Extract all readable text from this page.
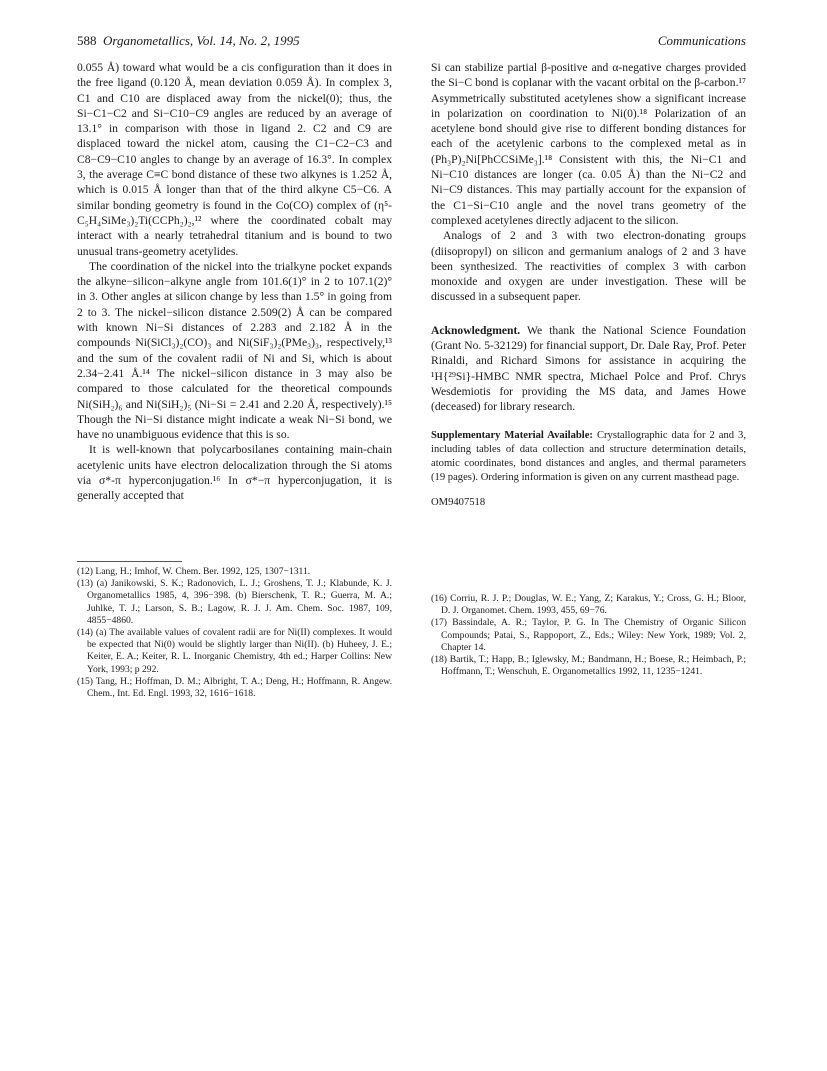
588 Organometallics, Vol. 14, No. 2, 1995	Communications

0.055 Å) toward what would be a cis configuration than it does in the free ligand (0.120 Å, mean deviation 0.059 Å). In complex 3, C1 and C10 are displaced away from the nickel(0); thus, the Si−C1−C2 and Si−C10−C9 angles are reduced by an average of 13.1° in comparison with those in ligand 2. C2 and C9 are displaced toward the nickel atom, causing the C1−C2−C3 and C8−C9−C10 angles to change by an average of 16.3°. In complex 3, the average C≡C bond distance of these two alkynes is 1.252 Å, which is 0.015 Å longer than that of the third alkyne C5−C6. A similar bonding geometry is found in the Co(CO) complex of (η⁵-C₅H₄SiMe₃)₂Ti(CCPh₂)₂,¹² where the coordinated cobalt may interact with a nearly tetrahedral titanium and is bound to two unusual trans-geometry acetylides.

The coordination of the nickel into the trialkyne pocket expands the alkyne−silicon−alkyne angle from 101.6(1)° in 2 to 107.1(2)° in 3. Other angles at silicon change by less than 1.5° in going from 2 to 3. The nickel−silicon distance 2.509(2) Å can be compared with known Ni−Si distances of 2.283 and 2.182 Å in the compounds Ni(SiCl₃)₂(CO)₃ and Ni(SiF₃)₂(PMe₃)₃, respectively,¹³ and the sum of the covalent radii of Ni and Si, which is about 2.34−2.41 Å.¹⁴ The nickel−silicon distance in 3 may also be compared to those calculated for the theoretical compounds Ni(SiH₂)₆ and Ni(SiH₂)₅ (Ni−Si = 2.41 and 2.20 Å, respectively).¹⁵ Though the Ni−Si distance might indicate a weak Ni−Si bond, we have no unambiguous evidence that this is so.

It is well-known that polycarbosilanes containing main-chain acetylenic units have electron delocalization through the Si atoms via σ*-π hyperconjugation.¹⁶ In σ*−π hyperconjugation, it is generally accepted that

Si can stabilize partial β-positive and α-negative charges provided the Si−C bond is coplanar with the vacant orbital on the β-carbon.¹⁷ Asymmetrically substituted acetylenes show a significant increase in polarization on coordination to Ni(0).¹⁸ Polarization of an acetylene bond should give rise to different bonding distances for each of the acetylenic carbons to the complexed metal as in (Ph₃P)₂Ni[PhCCSiMe₃].¹⁸ Consistent with this, the Ni−C1 and Ni−C10 distances are longer (ca. 0.05 Å) than the Ni−C2 and Ni−C9 distances. This may partially account for the expansion of the C1−Si−C10 angle and the novel trans geometry of the complexed acetylenes directly adjacent to the silicon.

Analogs of 2 and 3 with two electron-donating groups (diisopropyl) on silicon and germanium analogs of 2 and 3 have been synthesized. The reactivities of complex 3 with carbon monoxide and oxygen are under investigation. These will be discussed in a subsequent paper.

Acknowledgment. We thank the National Science Foundation (Grant No. 5-32129) for financial support, Dr. Dale Ray, Prof. Peter Rinaldi, and Richard Simons for assistance in acquiring the ¹H{²⁹Si}-HMBC NMR spectra, Michael Polce and Prof. Chrys Wesdemiotis for providing the MS data, and James Howe (deceased) for library research.

Supplementary Material Available: Crystallographic data for 2 and 3, including tables of data collection and structure determination details, atomic coordinates, bond distances and angles, and thermal parameters (19 pages). Ordering information is given on any current masthead page.

OM9407518

(12) Lang, H.; Imhof, W. Chem. Ber. 1992, 125, 1307−1311.

(13) (a) Janikowski, S. K.; Radonovich, L. J.; Groshens, T. J.; Klabunde, K. J. Organometallics 1985, 4, 396−398. (b) Bierschenk, T. R.; Guerra, M. A.; Juhlke, T. J.; Larson, S. B.; Lagow, R. J. J. Am. Chem. Soc. 1987, 109, 4855−4860.

(14) (a) The available values of covalent radii are for Ni(II) complexes. It would be expected that Ni(0) would be slightly larger than Ni(II). (b) Huheey, J. E.; Keiter, E. A.; Keiter, R. L. Inorganic Chemistry, 4th ed.; Harper Collins: New York, 1993; p 292.

(15) Tang, H.; Hoffman, D. M.; Albright, T. A.; Deng, H.; Hoffmann, R. Angew. Chem., Int. Ed. Engl. 1993, 32, 1616−1618.

(16) Corriu, R. J. P.; Douglas, W. E.; Yang, Z; Karakus, Y.; Cross, G. H.; Bloor, D. J. Organomet. Chem. 1993, 455, 69−76.

(17) Bassindale, A. R.; Taylor, P. G. In The Chemistry of Organic Silicon Compounds; Patai, S., Rappoport, Z., Eds.; Wiley: New York, 1989; Vol. 2, Chapter 14.

(18) Bartik, T.; Happ, B.; Iglewsky, M.; Bandmann, H.; Boese, R.; Heimbach, P.; Hoffmann, T.; Wenschuh, E. Organometallics 1992, 11, 1235−1241.
